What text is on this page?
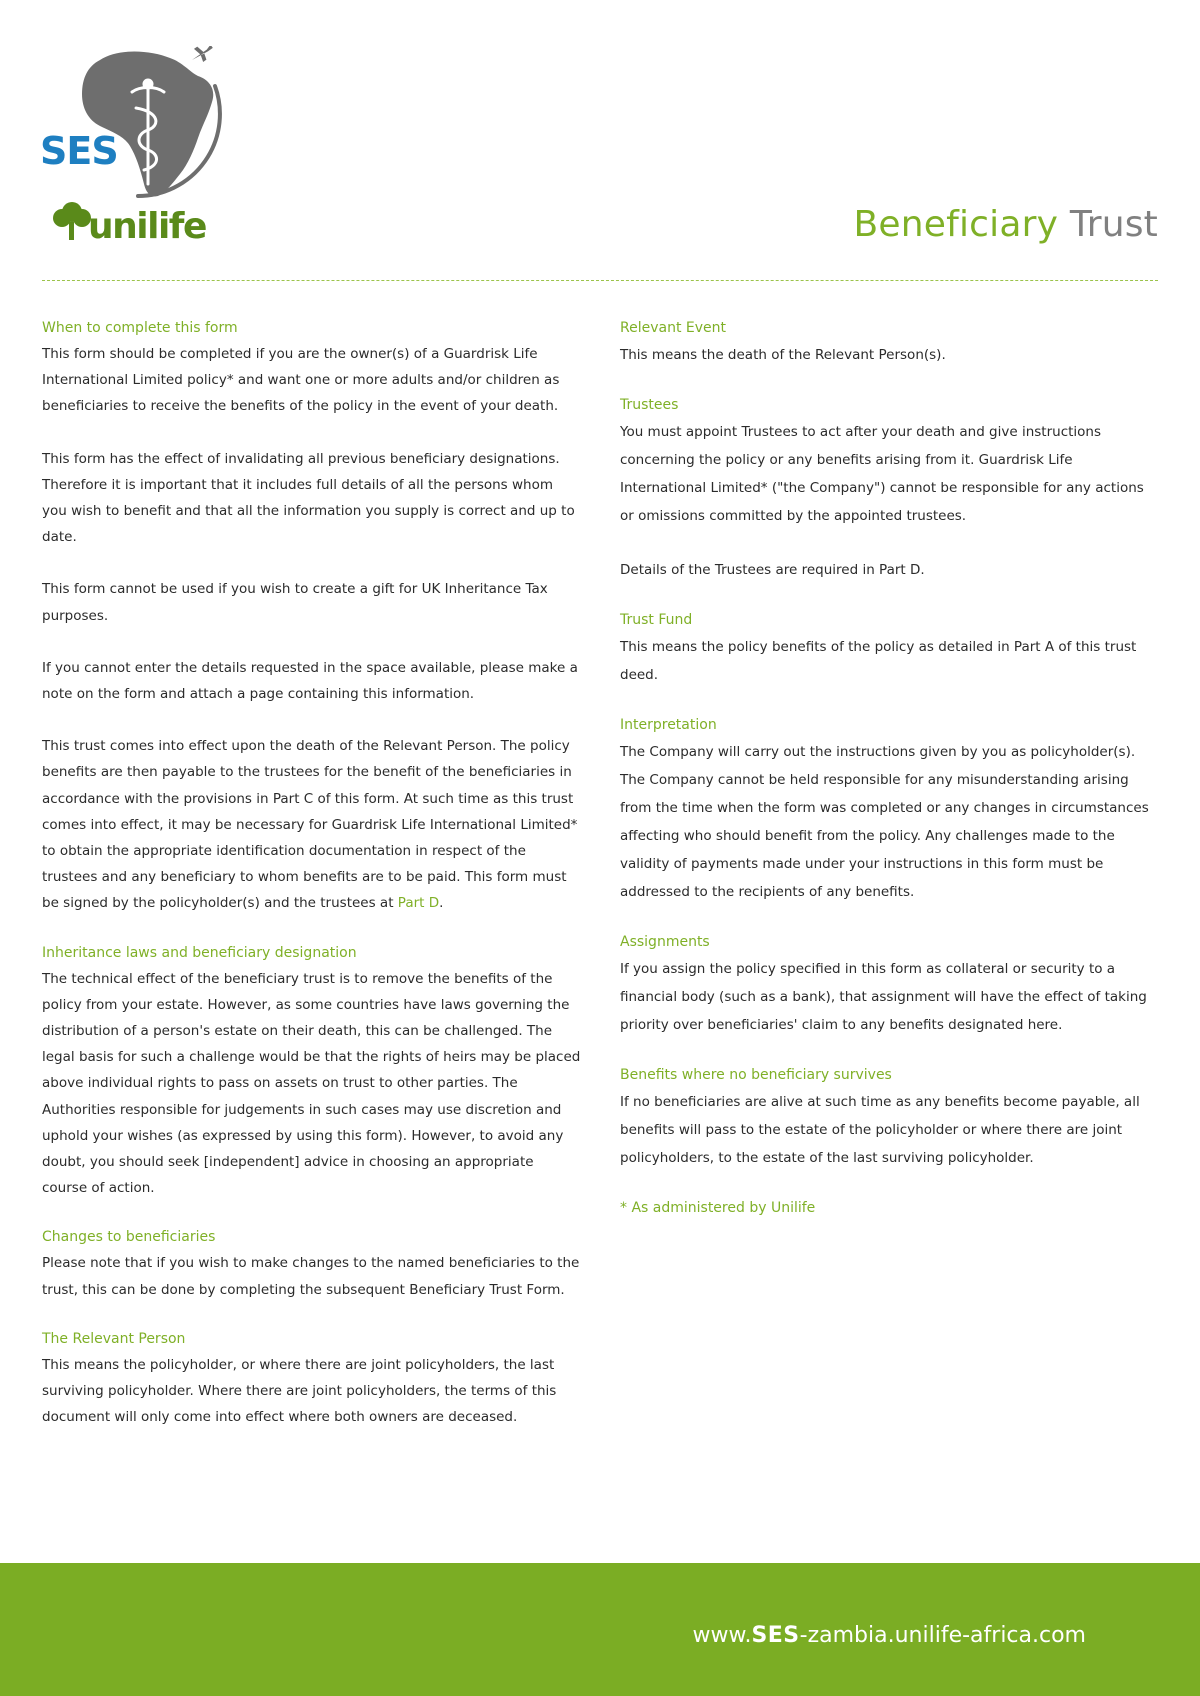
SES
unilife	Beneficiary Trust
When to complete this form

This form should be completed if you are the owner(s) of a Guardrisk Life International Limited policy* and want one or more adults and/or children as beneficiaries to receive the benefits of the policy in the event of your death.

This form has the effect of invalidating all previous beneficiary designations. Therefore it is important that it includes full details of all the persons whom you wish to benefit and that all the information you supply is correct and up to date.

This form cannot be used if you wish to create a gift for UK Inheritance Tax purposes.

If you cannot enter the details requested in the space available, please make a note on the form and attach a page containing this information.

This trust comes into effect upon the death of the Relevant Person. The policy benefits are then payable to the trustees for the benefit of the beneficiaries in accordance with the provisions in Part C of this form. At such time as this trust comes into effect, it may be necessary for Guardrisk Life International Limited* to obtain the appropriate identification documentation in respect of the trustees and any beneficiary to whom benefits are to be paid. This form must be signed by the policyholder(s) and the trustees at Part D.

Inheritance laws and beneficiary designation

The technical effect of the beneficiary trust is to remove the benefits of the policy from your estate. However, as some countries have laws governing the distribution of a person's estate on their death, this can be challenged. The legal basis for such a challenge would be that the rights of heirs may be placed above individual rights to pass on assets on trust to other parties. The Authorities responsible for judgements in such cases may use discretion and uphold your wishes (as expressed by using this form). However, to avoid any doubt, you should seek [independent] advice in choosing an appropriate course of action.

Changes to beneficiaries

Please note that if you wish to make changes to the named beneficiaries to the trust, this can be done by completing the subsequent Beneficiary Trust Form.

The Relevant Person

This means the policyholder, or where there are joint policyholders, the last surviving policyholder. Where there are joint policyholders, the terms of this document will only come into effect where both owners are deceased.

Relevant Event

This means the death of the Relevant Person(s).

Trustees

You must appoint Trustees to act after your death and give instructions concerning the policy or any benefits arising from it. Guardrisk Life International Limited* ("the Company") cannot be responsible for any actions or omissions committed by the appointed trustees.

Details of the Trustees are required in Part D.

Trust Fund

This means the policy benefits of the policy as detailed in Part A of this trust deed.

Interpretation

The Company will carry out the instructions given by you as policyholder(s). The Company cannot be held responsible for any misunderstanding arising from the time when the form was completed or any changes in circumstances affecting who should benefit from the policy. Any challenges made to the validity of payments made under your instructions in this form must be addressed to the recipients of any benefits.

Assignments

If you assign the policy specified in this form as collateral or security to a financial body (such as a bank), that assignment will have the effect of taking priority over beneficiaries' claim to any benefits designated here.

Benefits where no beneficiary survives

If no beneficiaries are alive at such time as any benefits become payable, all benefits will pass to the estate of the policyholder or where there are joint policyholders, to the estate of the last surviving policyholder.

* As administered by Unilife
www.SES-zambia.unilife-africa.com
